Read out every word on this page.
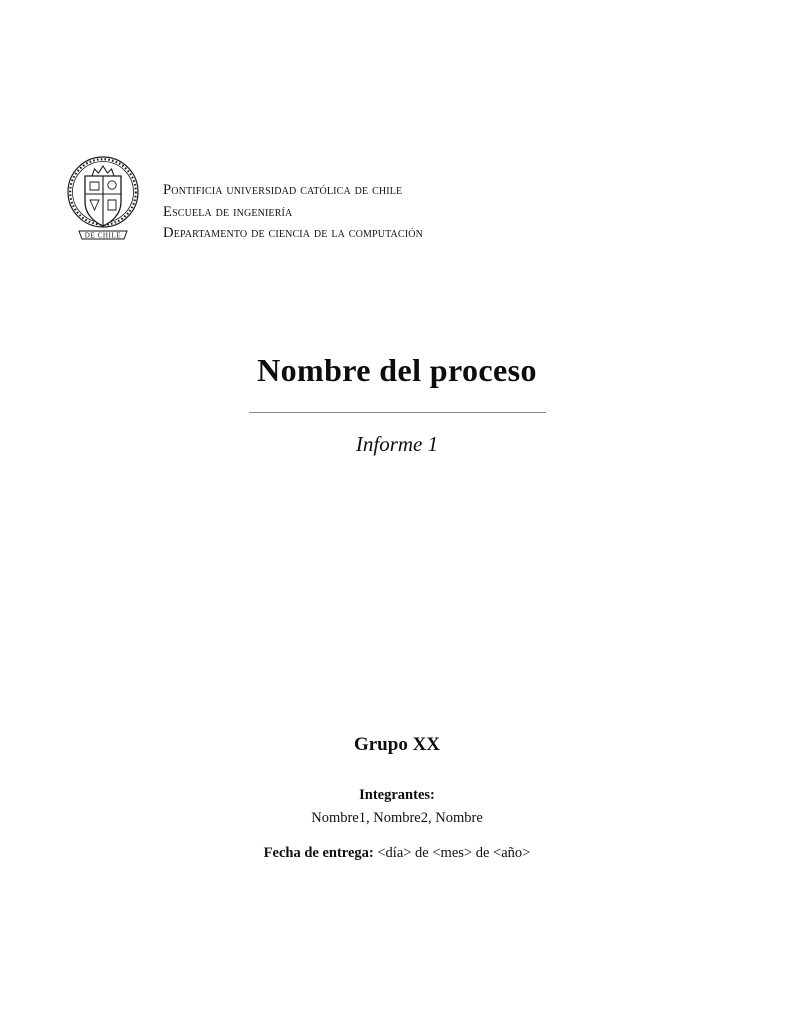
DE CHILE
Pontificia universidad católica de chile
Escuela de ingeniería
Departamento de ciencia de la computación
Nombre del proceso
Informe 1
Grupo XX
Integrantes:
Nombre1, Nombre2, Nombre
Fecha de entrega: <día> de <mes> de <año>
